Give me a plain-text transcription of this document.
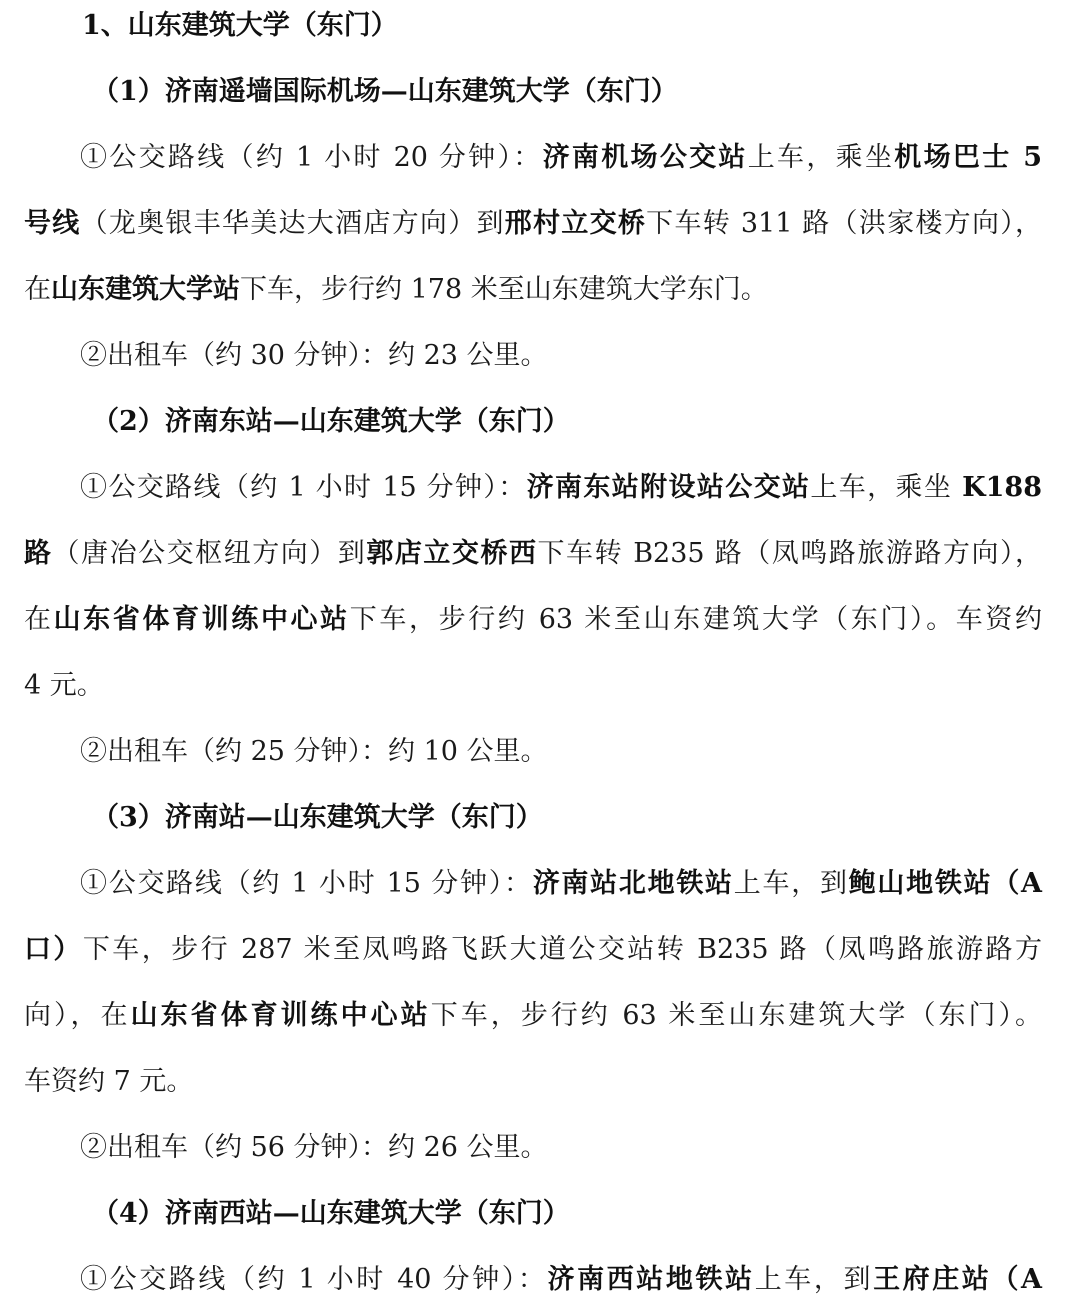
1、山东建筑大学（东门）
（1）济南遥墙国际机场—山东建筑大学（东门）
①公交路线（约 1 小时 20 分钟）：济南机场公交站上车，乘坐机场巴士 5
号线（龙奥银丰华美达大酒店方向）到邢村立交桥下车转 311 路（洪家楼方向），
在山东建筑大学站下车，步行约 178 米至山东建筑大学东门。
②出租车（约 30 分钟）：约 23 公里。
（2）济南东站—山东建筑大学（东门）
①公交路线（约 1 小时 15 分钟）：济南东站附设站公交站上车，乘坐 K188
路（唐冶公交枢纽方向）到郭店立交桥西下车转 B235 路（凤鸣路旅游路方向），
在山东省体育训练中心站下车，步行约 63 米至山东建筑大学（东门）。车资约
4 元。
②出租车（约 25 分钟）：约 10 公里。
（3）济南站—山东建筑大学（东门）
①公交路线（约 1 小时 15 分钟）：济南站北地铁站上车，到鲍山地铁站（A
口）下车，步行 287 米至凤鸣路飞跃大道公交站转 B235 路（凤鸣路旅游路方
向），在山东省体育训练中心站下车，步行约 63 米至山东建筑大学（东门）。
车资约 7 元。
②出租车（约 56 分钟）：约 26 公里。
（4）济南西站—山东建筑大学（东门）
①公交路线（约 1 小时 40 分钟）：济南西站地铁站上车，到王府庄站（A
